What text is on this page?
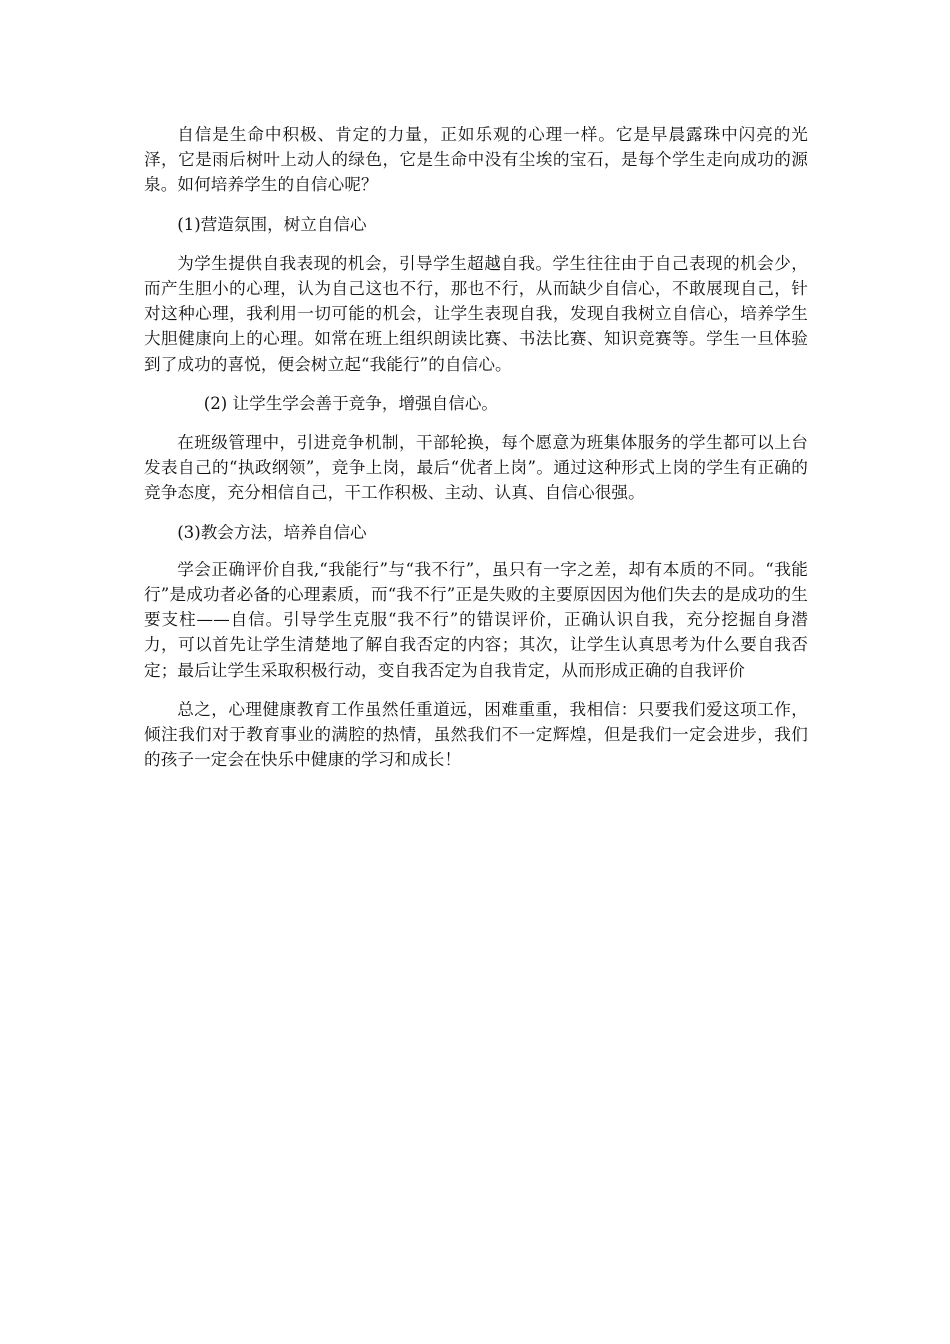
自信是生命中积极、肯定的力量，正如乐观的心理一样。它是早晨露珠中闪亮的光泽，它是雨后树叶上动人的绿色，它是生命中没有尘埃的宝石，是每个学生走向成功的源泉。如何培养学生的自信心呢？

(1)营造氛围，树立自信心

为学生提供自我表现的机会，引导学生超越自我。学生往往由于自己表现的机会少，而产生胆小的心理，认为自己这也不行，那也不行，从而缺少自信心，不敢展现自己，针对这种心理，我利用一切可能的机会，让学生表现自我，发现自我树立自信心，培养学生大胆健康向上的心理。如常在班上组织朗读比赛、书法比赛、知识竞赛等。学生一旦体验到了成功的喜悦，便会树立起“我能行”的自信心。

(2) 让学生学会善于竞争，增强自信心。

在班级管理中，引进竞争机制，干部轮换，每个愿意为班集体服务的学生都可以上台发表自己的“执政纲领”，竞争上岗，最后“优者上岗”。通过这种形式上岗的学生有正确的竞争态度，充分相信自己，干工作积极、主动、认真、自信心很强。

(3)教会方法，培养自信心

学会正确评价自我,“我能行”与“我不行”，虽只有一字之差，却有本质的不同。“我能行”是成功者必备的心理素质，而“我不行”正是失败的主要原因因为他们失去的是成功的生要支柱——自信。引导学生克服“我不行”的错误评价，正确认识自我，充分挖掘自身潜力，可以首先让学生清楚地了解自我否定的内容；其次，让学生认真思考为什么要自我否定；最后让学生采取积极行动，变自我否定为自我肯定，从而形成正确的自我评价

总之，心理健康教育工作虽然任重道远，困难重重，我相信：只要我们爱这项工作，倾注我们对于教育事业的满腔的热情，虽然我们不一定辉煌，但是我们一定会进步，我们的孩子一定会在快乐中健康的学习和成长！
